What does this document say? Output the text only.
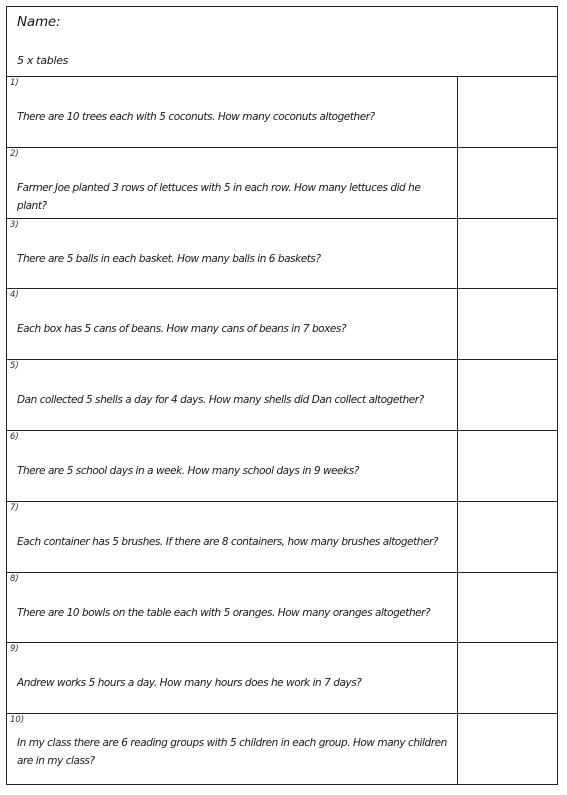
Name:
5 x tables
1)
There are 10 trees each with 5 coconuts. How many coconuts altogether?
2)
Farmer Joe planted 3 rows of lettuces with 5 in each row. How many lettuces did he plant?
3)
There are 5 balls in each basket. How many balls in 6 baskets?
4)
Each box has 5 cans of beans. How many cans of beans in 7 boxes?
5)
Dan collected 5 shells a day for 4 days. How many shells did Dan collect altogether?
6)
There are 5 school days in a week. How many school days in 9 weeks?
7)
Each container has 5 brushes. If there are 8 containers, how many brushes altogether?
8)
There are 10 bowls on the table each with 5 oranges. How many oranges altogether?
9)
Andrew works 5 hours a day. How many hours does he work in 7 days?
10)
In my class there are 6 reading groups with 5 children in each group. How many children are in my class?
